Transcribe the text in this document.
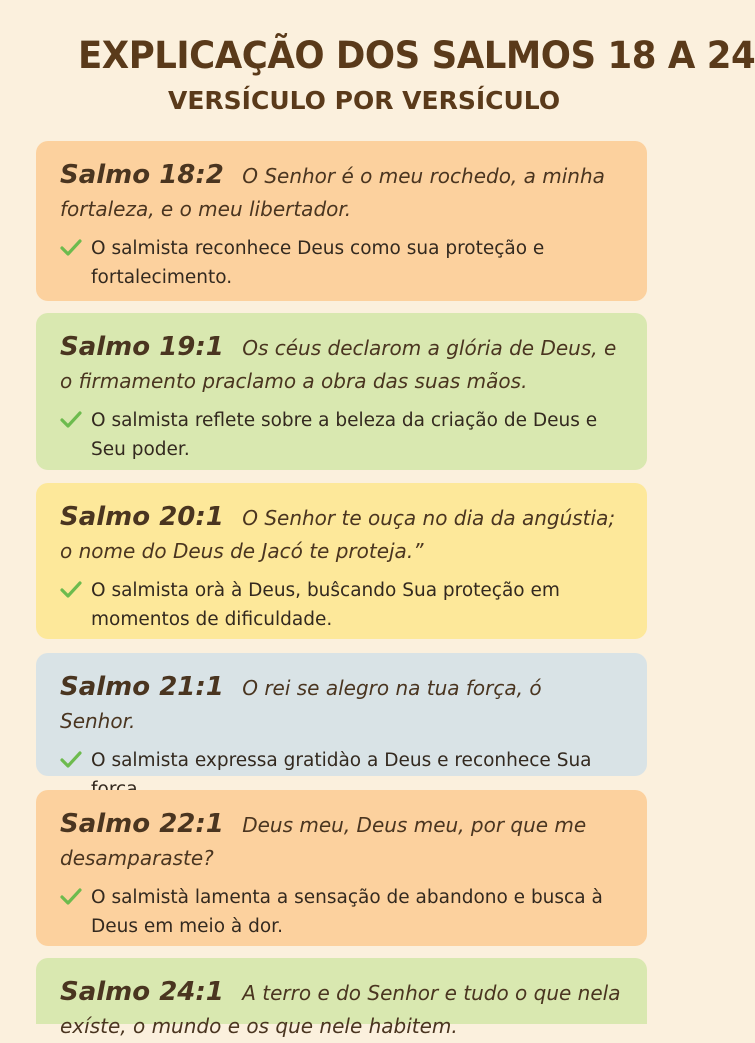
EXPLICAÇÃO DOS SALMOS 18 A 24
VERSÍCULO POR VERSÍCULO

Salmo 18:2 O Senhor é o meu rochedo, a minha fortaleza, e o meu libertador.

O salmista reconhece Deus como sua proteção e fortalecimento.

Salmo 19:1 Os céus declarom a glória de Deus, e o firmamento praclamo a obra das suas mãos.

O salmista reflete sobre a beleza da criação de Deus e Seu poder.

Salmo 20:1 O Senhor te ouça no dia da angústia; o nome do Deus de Jacó te proteja.”

O salmista orà à Deus, buŝcando Sua proteção em momentos de dificuldade.

Salmo 21:1 O rei se alegro na tua força, ó Senhor.

O salmista expressa gratidào a Deus e reconhece Sua

Salmo 22:1 Deus meu, Deus meu, por que me desamparaste?

O salmistà lamenta a sensação de abandono e busca à Deus em meio à dor.

Salmo 24:1 A terro e do Senhor e tudo o que nela exíste, o mundo e os que nele habitem.
